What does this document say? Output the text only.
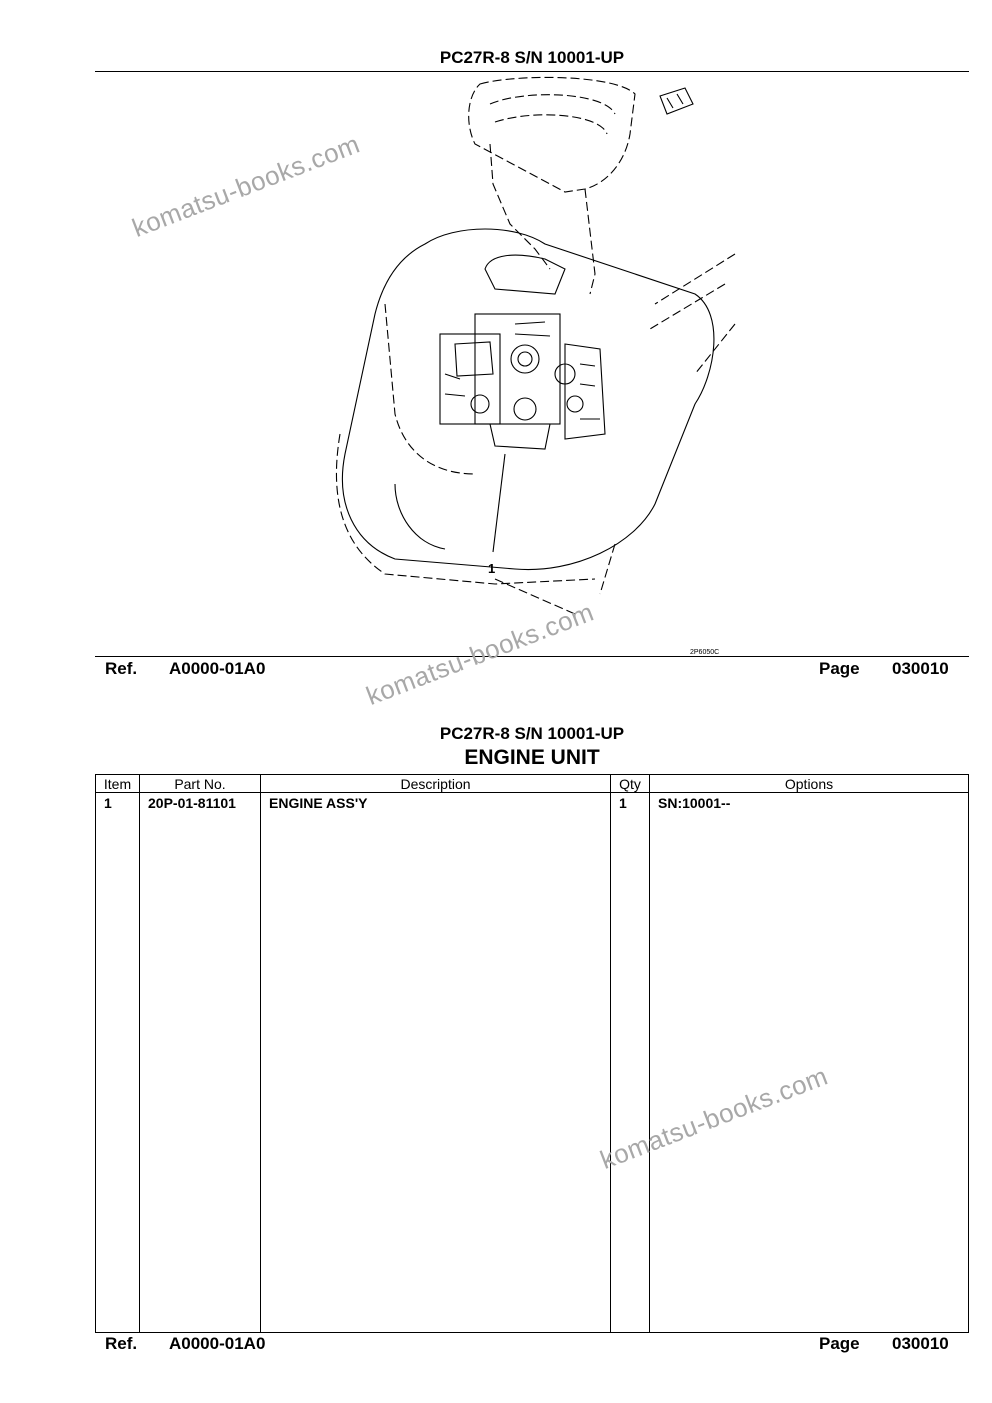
PC27R-8 S/N 10001-UP
1
2P6050C
Ref. A0000-01A0	Page 030010
PC27R-8 S/N 10001-UP
ENGINE UNIT
Item	Part No.	Description	Qty	Options
1	20P-01-81101	ENGINE ASS'Y	1	SN:10001--
Ref. A0000-01A0	Page 030010
komatsu-books.com
komatsu-books.com
komatsu-books.com
